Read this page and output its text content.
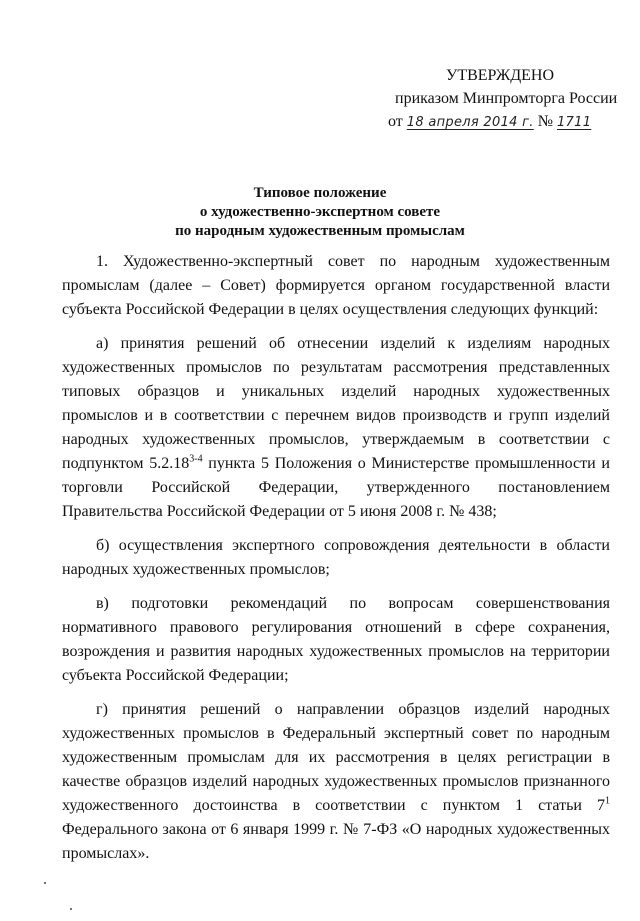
УТВЕРЖДЕНО
приказом Минпромторга России
от 18 апреля 2014 г. № 1711
Типовое положение
о художественно-экспертном совете
по народным художественным промыслам

1. Художественно-экспертный совет по народным художественным промыслам (далее – Совет) формируется органом государственной власти субъекта Российской Федерации в целях осуществления следующих функций:

а) принятия решений об отнесении изделий к изделиям народных художественных промыслов по результатам рассмотрения представленных типовых образцов и уникальных изделий народных художественных промыслов и в соответствии с перечнем видов производств и групп изделий народных художественных промыслов, утверждаемым в соответствии с подпунктом 5.2.18$^{3-4}$ пункта 5 Положения о Министерстве промышленности и торговли Российской Федерации, утвержденного постановлением Правительства Российской Федерации от 5 июня 2008 г. № 438;

б) осуществления экспертного сопровождения деятельности в области народных художественных промыслов;

в) подготовки рекомендаций по вопросам совершенствования нормативного правового регулирования отношений в сфере сохранения, возрождения и развития народных художественных промыслов на территории субъекта Российской Федерации;

г) принятия решений о направлении образцов изделий народных художественных промыслов в Федеральный экспертный совет по народным художественным промыслам для их рассмотрения в целях регистрации в качестве образцов изделий народных художественных промыслов признанного художественного достоинства в соответствии с пунктом 1 статьи $7^1$ Федерального закона от 6 января 1999 г. № 7-ФЗ «О народных художественных промыслах».
